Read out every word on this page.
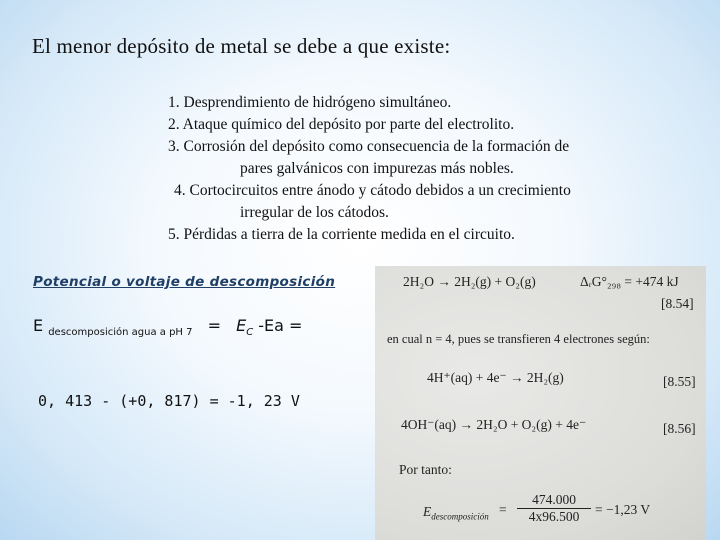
El menor depósito de metal se debe a que existe:
1. Desprendimiento de hidrógeno simultáneo.
2. Ataque químico del depósito por parte del electrolito.
3. Corrosión del depósito como consecuencia de la formación de
pares galvánicos con impurezas más nobles.
4. Cortocircuitos entre ánodo y cátodo debidos a un crecimiento
irregular de los cátodos.
5. Pérdidas a tierra de la corriente medida en el circuito.
Potencial o voltaje de descomposición
E $_{descomposición agua a pH 7} = E_C$ -Ea =
0, 413 - (+0, 817) = -1, 23 V
2H₂O → 2H₂(g) + O₂(g)	ΔᵣG°₂₉₈ = +474 kJ
[8.54]
en cual n = 4, pues se transfieren 4 electrones según:
4H⁺(aq) + 4e⁻ → 2H₂(g)	[8.55]
4OH⁻(aq) → 2H₂O + O₂(g) + 4e⁻	[8.56]
Por tanto:
$E_{descomposición} = \frac{474.000}{4x96.500} = -1,23$ V
